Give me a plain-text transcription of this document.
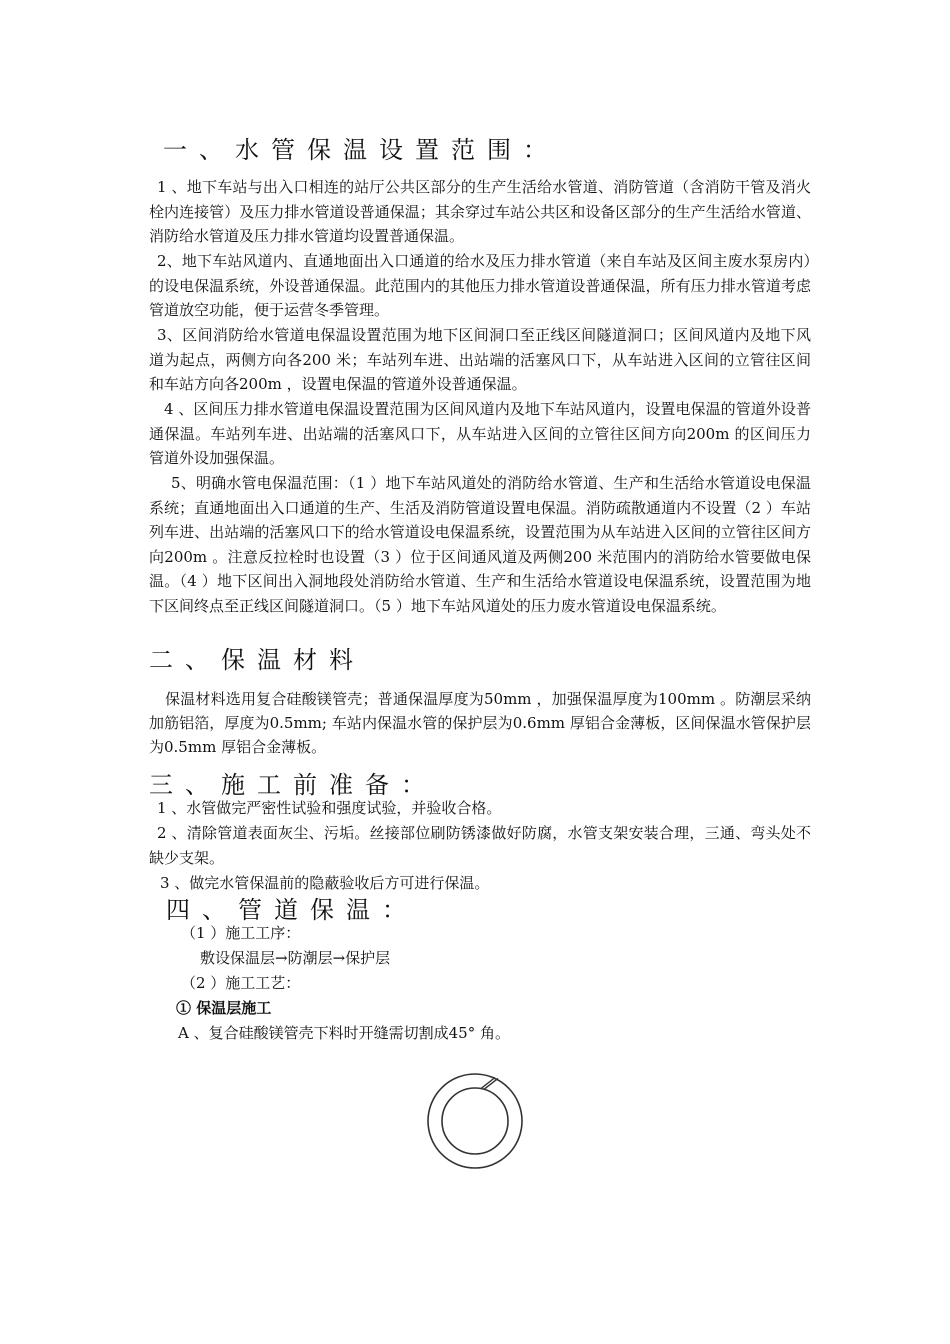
一、水管保温设置范围：

1 、地下车站与出入口相连的站厅公共区部分的生产生活给水管道、消防管道（含消防干管及消火栓内连接管）及压力排水管道设普通保温；其余穿过车站公共区和设备区部分的生产生活给水管道、消防给水管道及压力排水管道均设置普通保温。

2、地下车站风道内、直通地面出入口通道的给水及压力排水管道（来自车站及区间主废水泵房内）的设电保温系统，外设普通保温。此范围内的其他压力排水管道设普通保温，所有压力排水管道考虑管道放空功能，便于运营冬季管理。

3、区间消防给水管道电保温设置范围为地下区间洞口至正线区间隧道洞口；区间风道内及地下风道为起点，两侧方向各200 米；车站列车进、出站端的活塞风口下，从车站进入区间的立管往区间和车站方向各200m ，设置电保温的管道外设普通保温。

4 、区间压力排水管道电保温设置范围为区间风道内及地下车站风道内，设置电保温的管道外设普通保温。车站列车进、出站端的活塞风口下，从车站进入区间的立管往区间方向200m 的区间压力管道外设加强保温。

5、明确水管电保温范围：（1 ）地下车站风道处的消防给水管道、生产和生活给水管道设电保温系统；直通地面出入口通道的生产、生活及消防管道设置电保温。消防疏散通道内不设置（2 ）车站列车进、出站端的活塞风口下的给水管道设电保温系统，设置范围为从车站进入区间的立管往区间方向200m 。注意反拉栓时也设置（3 ）位于区间通风道及两侧200 米范围内的消防给水管要做电保温。（4 ）地下区间出入洞地段处消防给水管道、生产和生活给水管道设电保温系统，设置范围为地下区间终点至正线区间隧道洞口。（5 ）地下车站风道处的压力废水管道设电保温系统。

二、保温材料

保温材料选用复合硅酸镁管壳；普通保温厚度为50mm ，加强保温厚度为100mm 。防潮层采纳加筋铝箔，厚度为0.5mm; 车站内保温水管的保护层为0.6mm 厚铝合金薄板，区间保温水管保护层为0.5mm 厚铝合金薄板。

三、施工前准备：

1 、水管做完严密性试验和强度试验，并验收合格。

2 、清除管道表面灰尘、污垢。丝接部位刷防锈漆做好防腐，水管支架安装合理，三通、弯头处不缺少支架。

3 、做完水管保温前的隐蔽验收后方可进行保温。

四、管道保温：

（1 ）施工工序：

敷设保温层→防潮层→保护层

（2 ）施工工艺：

① 保温层施工

A 、复合硅酸镁管壳下料时开缝需切割成45° 角。
